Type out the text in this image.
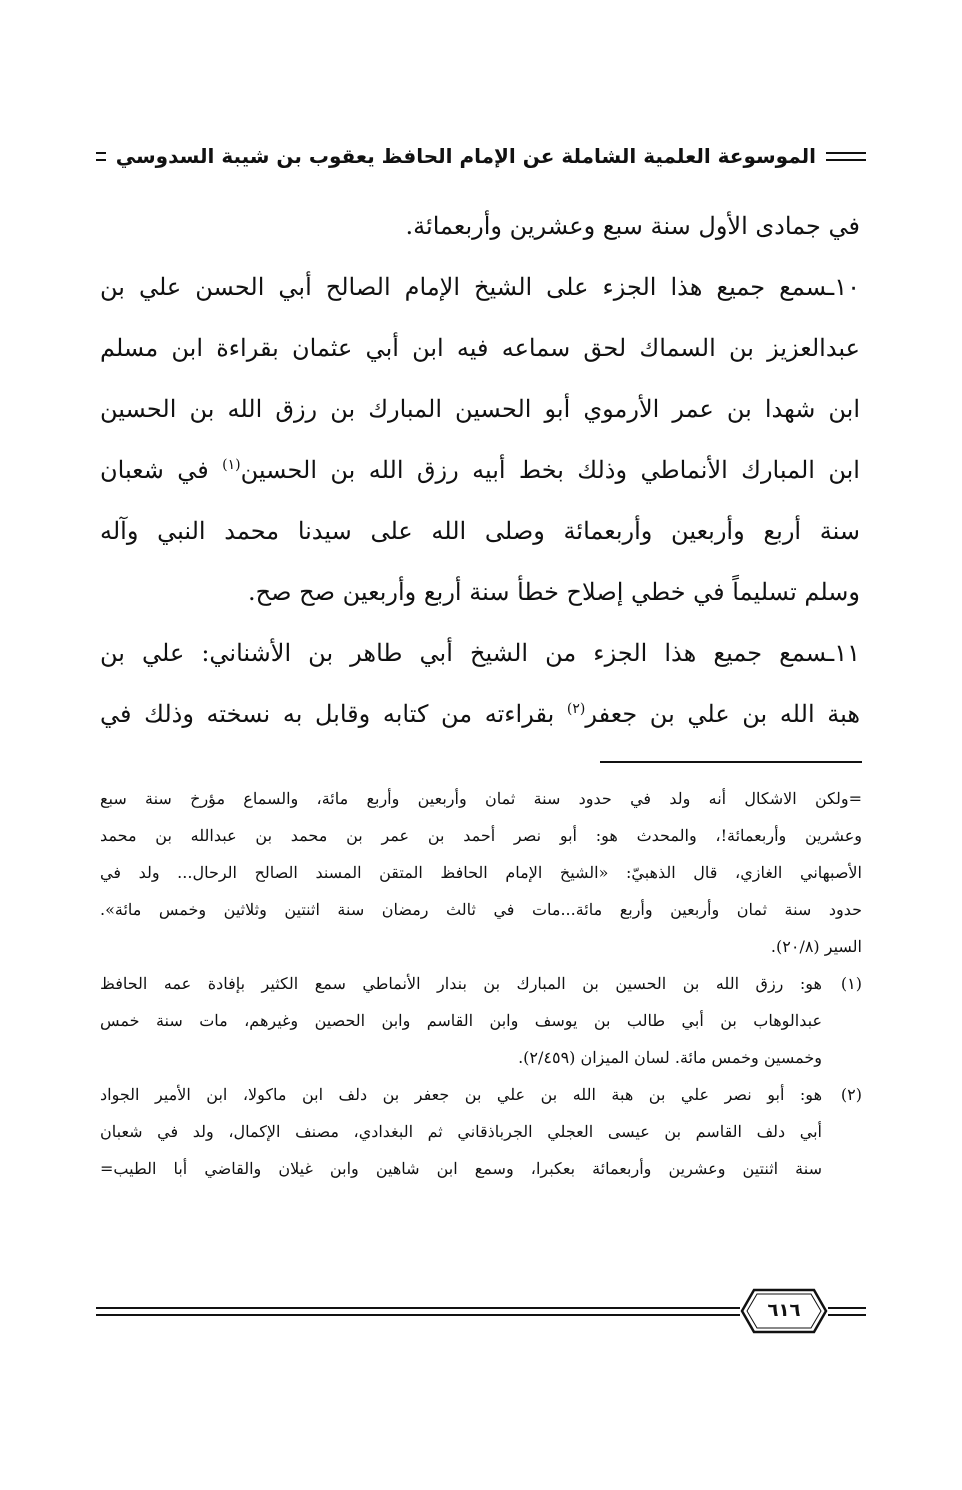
الموسوعة العلمية الشاملة عن الإمام الحافظ يعقوب بن شيبة السدوسي
في جمادى الأول سنة سبع وعشرين وأربعمائة.
١٠ـسمع جميع هذا الجزء على الشيخ الإمام الصالح أبي الحسن علي بن
عبدالعزيز بن السماك لحق سماعه فيه ابن أبي عثمان بقراءة ابن مسلم
ابن شهدا بن عمر الأرموي أبو الحسين المبارك بن رزق الله بن الحسين
ابن المبارك الأنماطي وذلك بخط أبيه رزق الله بن الحسين$^{(١)}$ في شعبان
سنة أربع وأربعين وأربعمائة وصلى الله على سيدنا محمد النبي وآله
وسلم تسليماً في خطي إصلاح خطأ سنة أربع وأربعين صح صح.
١١ـسمع جميع هذا الجزء من الشيخ أبي طاهر بن الأشناني: علي بن
هبة الله بن علي بن جعفر$^{(٢)}$ بقراءته من كتابه وقابل به نسخته وذلك في
=ولكن الاشكال أنه ولد في حدود سنة ثمان وأربعين وأربع مائة، والسماع مؤرخ سنة سبع
وعشرين وأربعمائة!، والمحدث هو: أبو نصر أحمد بن عمر بن محمد بن عبدالله بن محمد
الأصبهاني الغازي، قال الذهبيّ: «الشيخ الإمام الحافظ المتقن المسند الصالح الرحال... ولد في
حدود سنة ثمان وأربعين وأربع مائة...مات في ثالث رمضان سنة اثنتين وثلاثين وخمس مائة».
السير (٢٠/٨).
(١)
هو: رزق الله بن الحسين بن المبارك بن بندار الأنماطي سمع الكثير بإفادة عمه الحافظ
عبدالوهاب بن أبي طالب بن يوسف وابن القاسم وابن الحصين وغيرهم، مات سنة خمس
وخمسين وخمس مائة. لسان الميزان (٢/٤٥٩).
(٢)
هو: أبو نصر علي بن هبة الله بن علي بن جعفر بن دلف ابن ماكولا، ابن الأمير الجواد
أبي دلف القاسم بن عيسى العجلي الجرباذقاني ثم البغدادي، مصنف الإكمال، ولد في شعبان
سنة اثنتين وعشرين وأربعمائة بعكبرا، وسمع ابن شاهين وابن غيلان والقاضي أبا الطيب=
٦١٦
